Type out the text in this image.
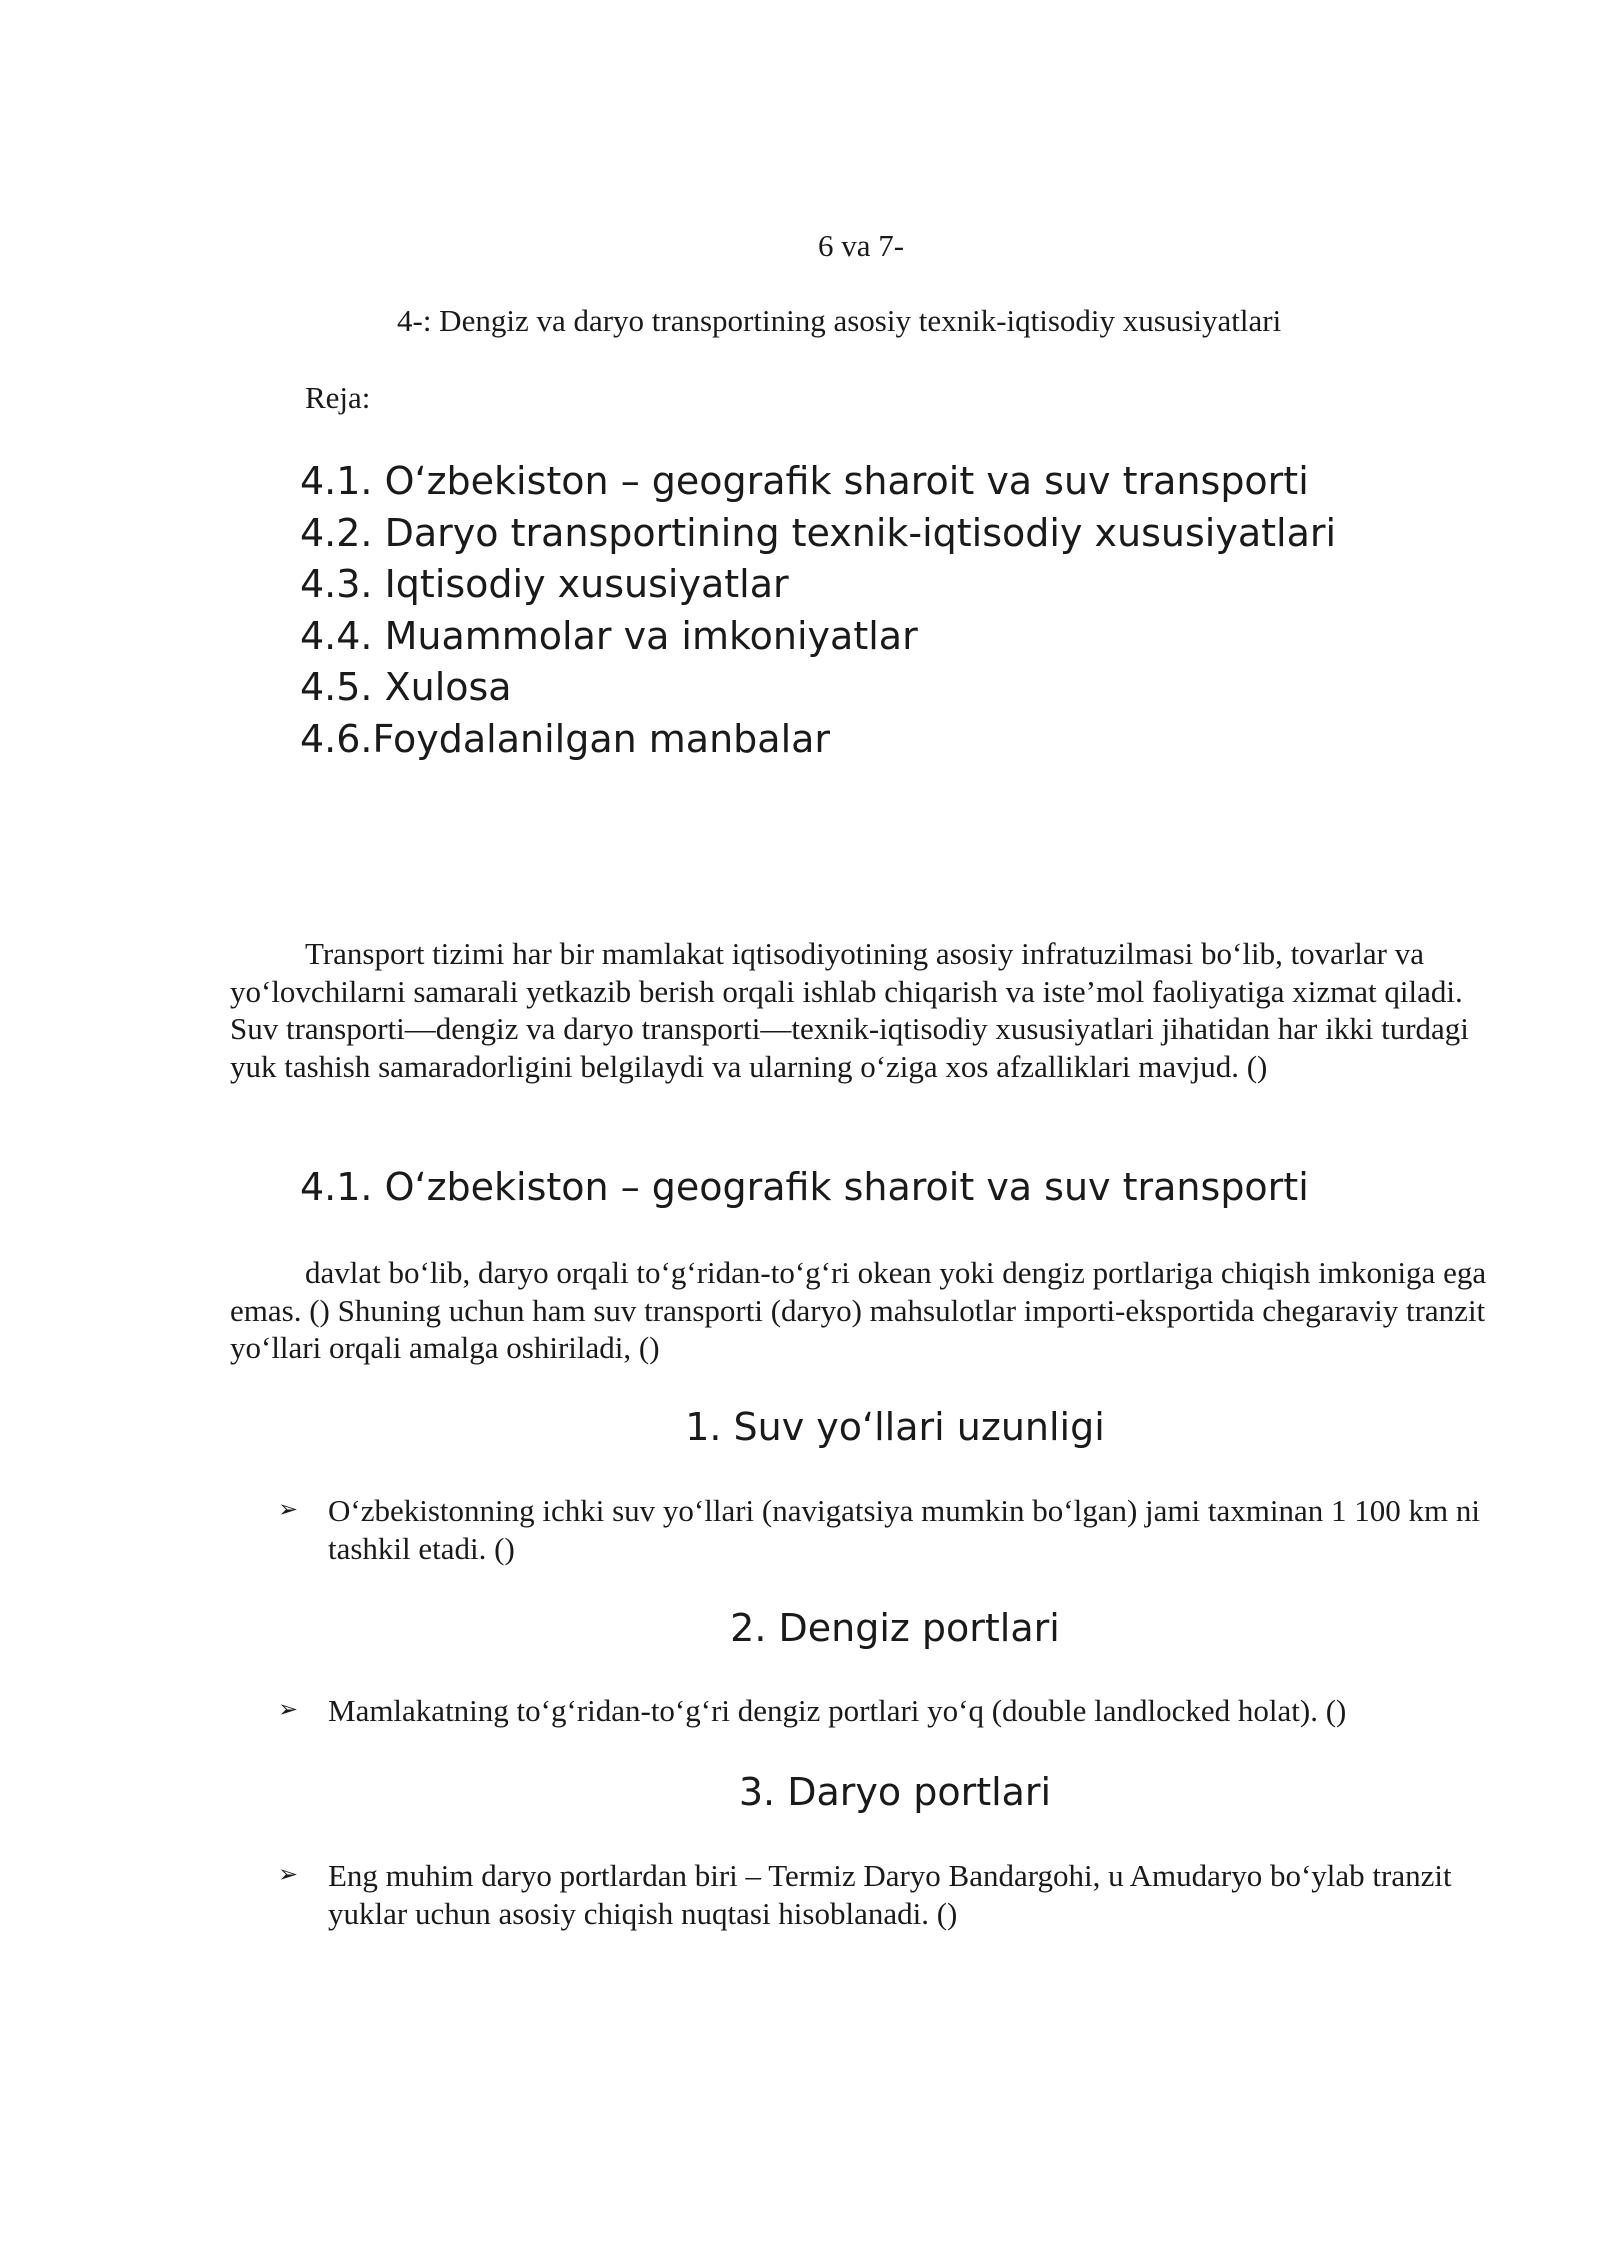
6 va 7-
4-: Dengiz va daryo transportining asosiy texnik-iqtisodiy xususiyatlari
Reja:
4.1. O‘zbekiston – geografik sharoit va suv transporti
4.2. Daryo transportining texnik-iqtisodiy xususiyatlari
4.3. Iqtisodiy xususiyatlar
4.4. Muammolar va imkoniyatlar
4.5. Xulosa
4.6.Foydalanilgan manbalar

Transport tizimi har bir mamlakat iqtisodiyotining asosiy infratuzilmasi bo‘lib, tovarlar va yo‘lovchilarni samarali yetkazib berish orqali ishlab chiqarish va iste’mol faoliyatiga xizmat qiladi. Suv transporti—dengiz va daryo transporti—texnik-iqtisodiy xususiyatlari jihatidan har ikki turdagi yuk tashish samaradorligini belgilaydi va ularning o‘ziga xos afzalliklari mavjud. ()

4.1. O‘zbekiston – geografik sharoit va suv transporti

davlat bo‘lib, daryo orqali to‘g‘ridan-to‘g‘ri okean yoki dengiz portlariga chiqish imkoniga ega emas. () Shuning uchun ham suv transporti (daryo) mahsulotlar importi-eksportida chegaraviy tranzit yo‘llari orqali amalga oshiriladi, ()

1. Suv yo‘llari uzunligi
➢ O‘zbekistonning ichki suv yo‘llari (navigatsiya mumkin bo‘lgan) jami taxminan 1 100 km ni tashkil etadi. ()
2. Dengiz portlari
➢ Mamlakatning to‘g‘ridan-to‘g‘ri dengiz portlari yo‘q (double landlocked holat). ()
3. Daryo portlari
➢ Eng muhim daryo portlardan biri – Termiz Daryo Bandargohi, u Amudaryo bo‘ylab tranzit yuklar uchun asosiy chiqish nuqtasi hisoblanadi. ()
